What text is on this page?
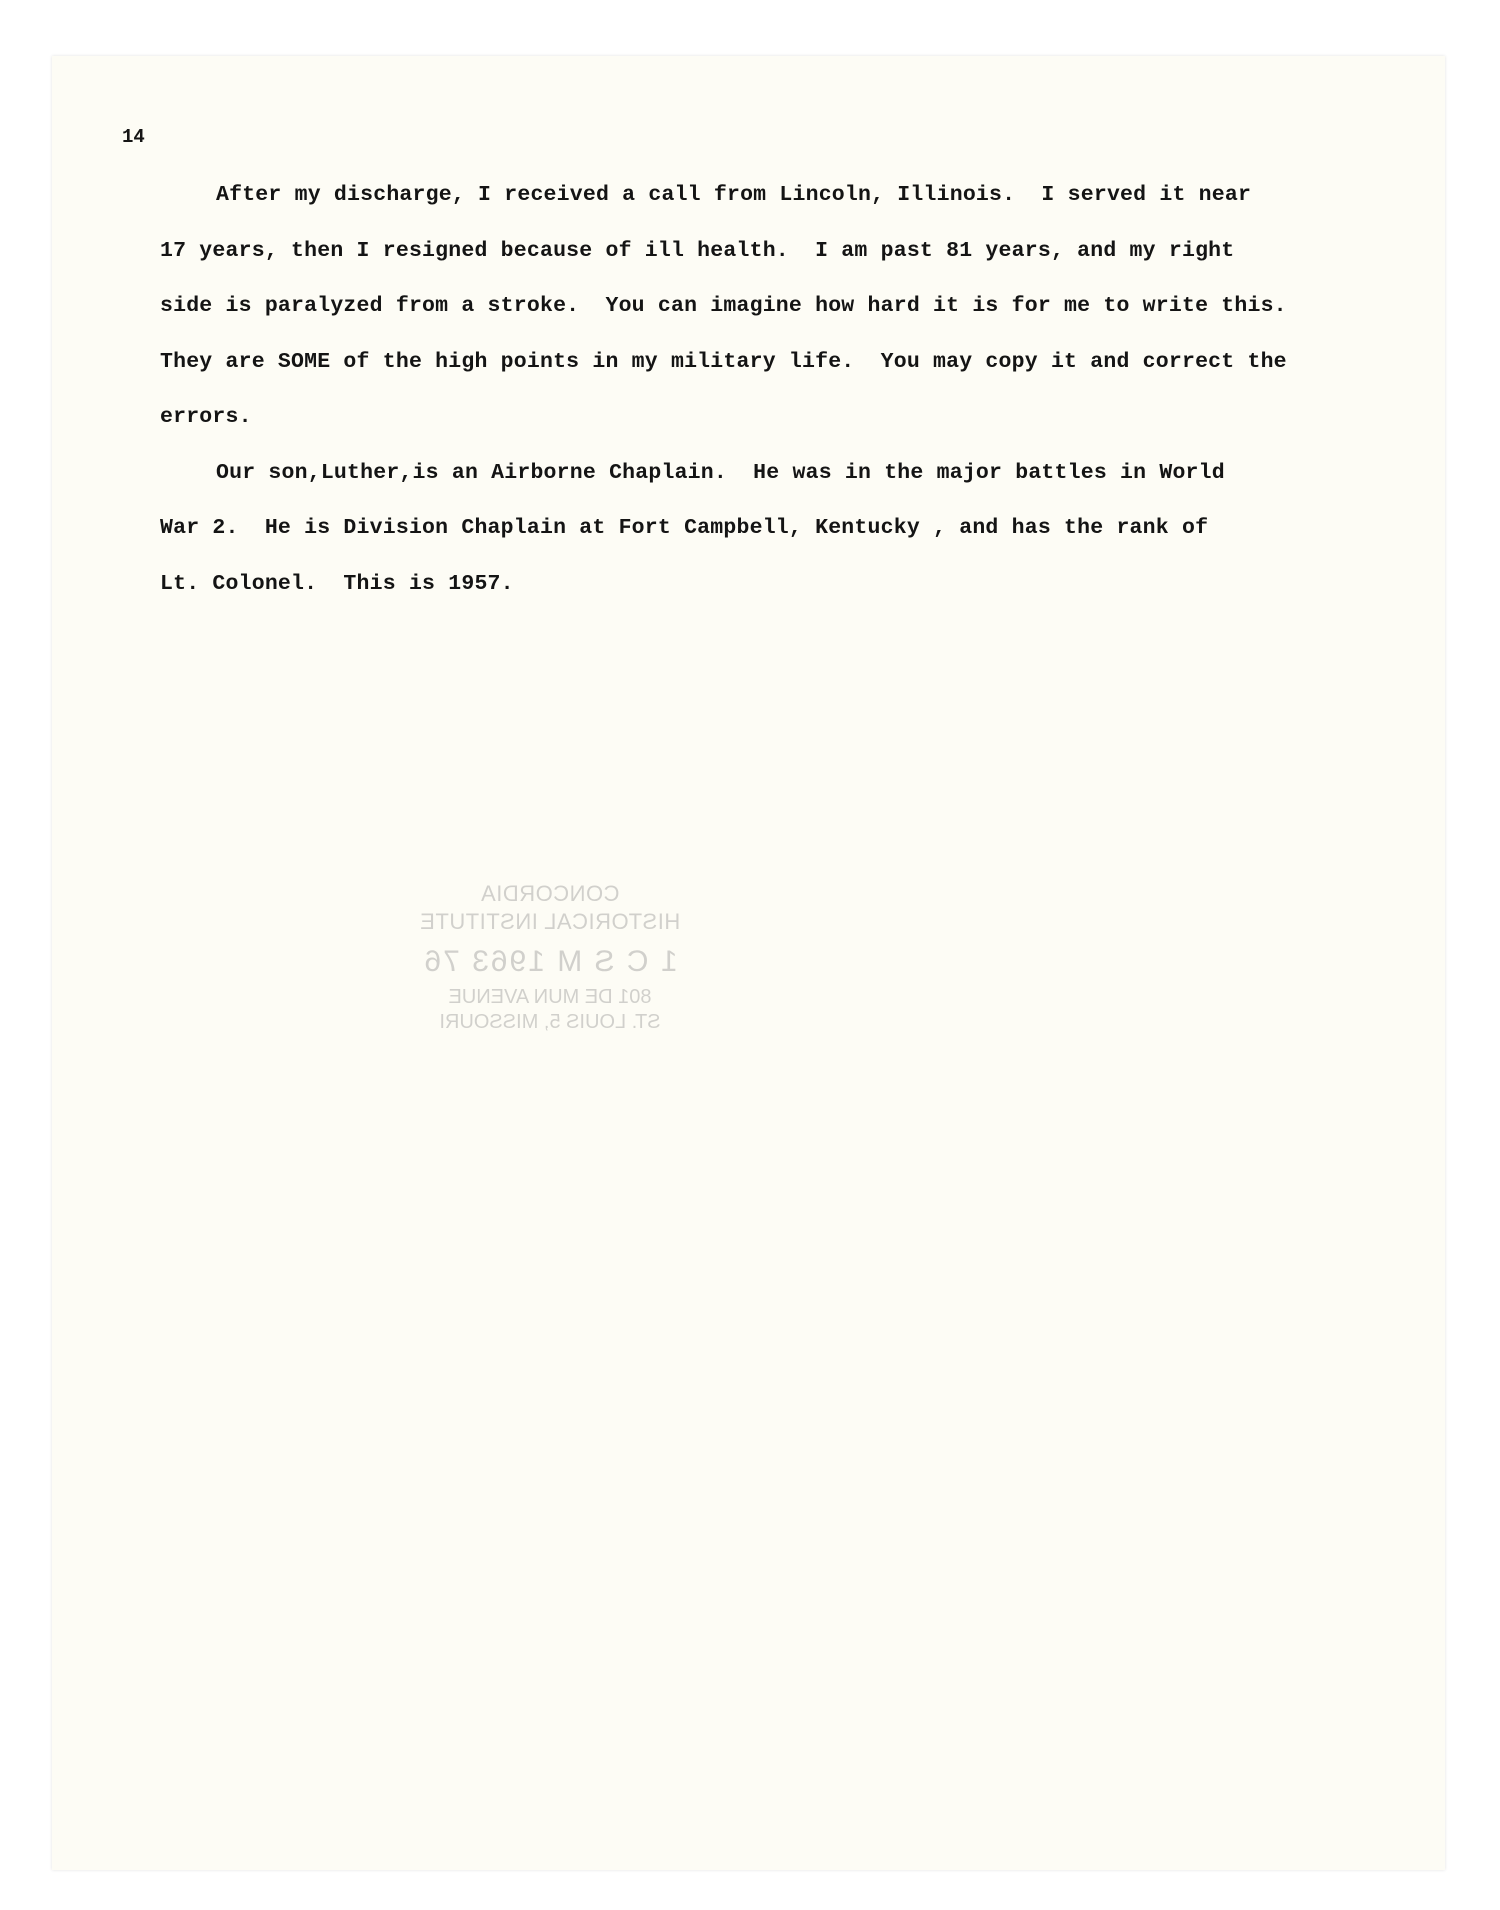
14
After my discharge, I received a call from Lincoln, Illinois.  I served it near
17 years, then I resigned because of ill health.  I am past 81 years, and my right
side is paralyzed from a stroke.  You can imagine how hard it is for me to write this.
They are SOME of the high points in my military life.  You may copy it and correct the
errors.
Our son,Luther,is an Airborne Chaplain.  He was in the major battles in World
War 2.  He is Division Chaplain at Fort Campbell, Kentucky , and has the rank of
Lt. Colonel.  This is 1957.
CONCORDIA
HISTORICAL INSTITUTE
1 C S M 1963 76
801 DE MUN AVENUE
ST. LOUIS 5, MISSOURI
